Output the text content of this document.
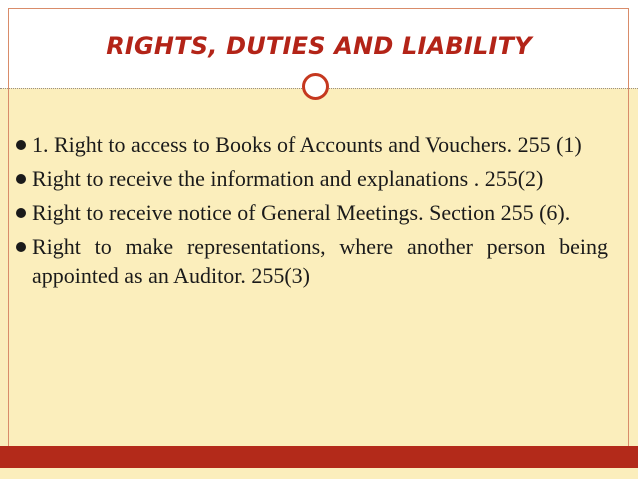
RIGHTS, DUTIES AND LIABILITY
1. Right to access to Books of Accounts and Vouchers. 255 (1)
Right to receive the information and explanations . 255(2)
Right to receive notice of General Meetings. Section 255 (6).
Right to make representations, where another person being appointed as an Auditor. 255(3)
